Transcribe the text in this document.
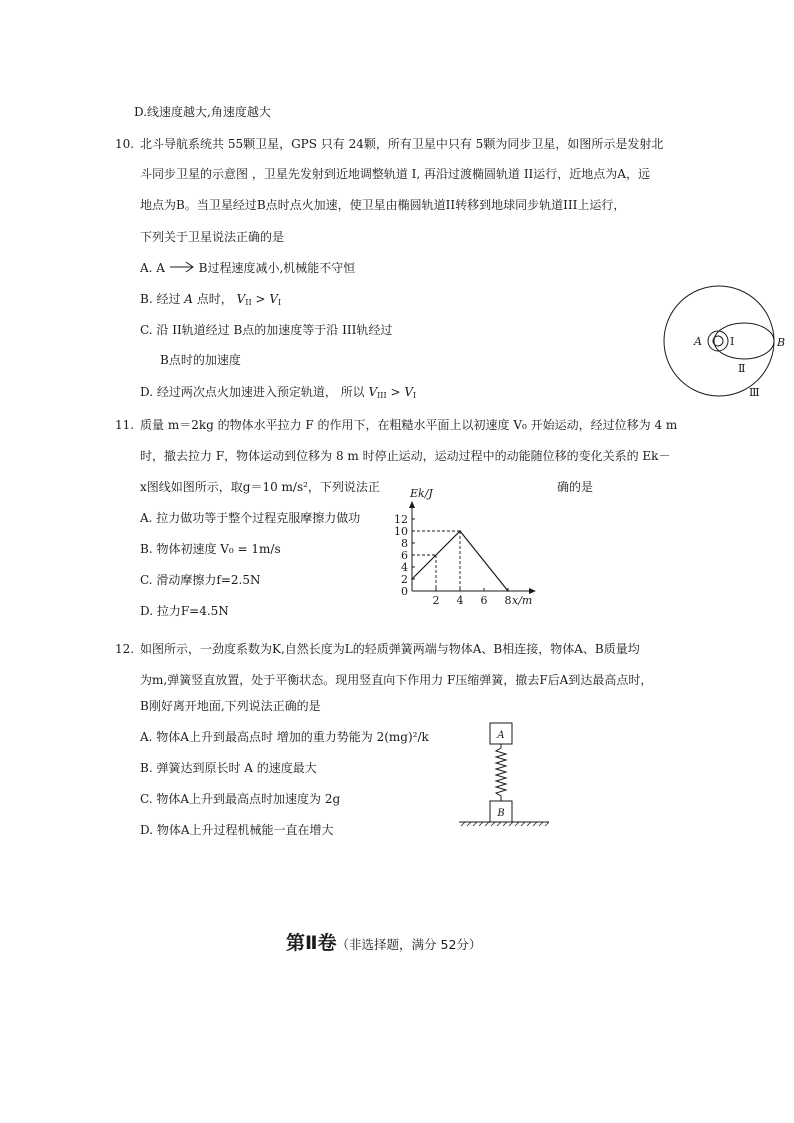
D.线速度越大,角速度越大
10. 北斗导航系统共 55颗卫星，GPS 只有 24颗，所有卫星中只有 5颗为同步卫星，如图所示是发射北
斗同步卫星的示意图 ，卫星先发射到近地调整轨道 I, 再沿过渡椭圆轨道 II运行，近地点为A，远
地点为B。当卫星经过B点时点火加速，使卫星由椭圆轨道II转移到地球同步轨道III上运行，
下列关于卫星说法正确的是
A. A	B过程速度减小,机械能不守恒
B. 经过 A 点时， $V_{II} > V_I$
C. 沿 II轨道经过 B点的加速度等于沿 III轨经过
B点时的加速度
D. 经过两次点火加速进入预定轨道， 所以 $V_{III} > V_I$
A	I	B
Ⅱ
Ⅲ
11. 质量 m＝2kg 的物体水平拉力 F 的作用下，在粗糙水平面上以初速度 V₀ 开始运动，经过位移为 4 m
时，撤去拉力 F，物体运动到位移为 8 m 时停止运动，运动过程中的动能随位移的变化关系的 Ek－
x图线如图所示，取g＝10 m/s²，下列说法正	确的是
A. 拉力做功等于整个过程克服摩擦力做功
B. 物体初速度 V₀ = 1m/s
C. 滑动摩擦力f=2.5N
D. 拉力F=4.5N
0
2
4
6
8
10
12
2 4 6 8 x/m
Ek/J
12. 如图所示，一劲度系数为K,自然长度为L的轻质弹簧两端与物体A、B相连接，物体A、B质量均
为m,弹簧竖直放置，处于平衡状态。现用竖直向下作用力 F压缩弹簧，撤去F后A到达最高点时，
B刚好离开地面,下列说法正确的是
A. 物体A上升到最高点时 增加的重力势能为 2(mg)²/k
B. 弹簧达到原长时 A 的速度最大
C. 物体A上升到最高点时加速度为 2g
D. 物体A上升过程机械能一直在增大
A
B
第Ⅱ卷（非选择题，满分 52分）
